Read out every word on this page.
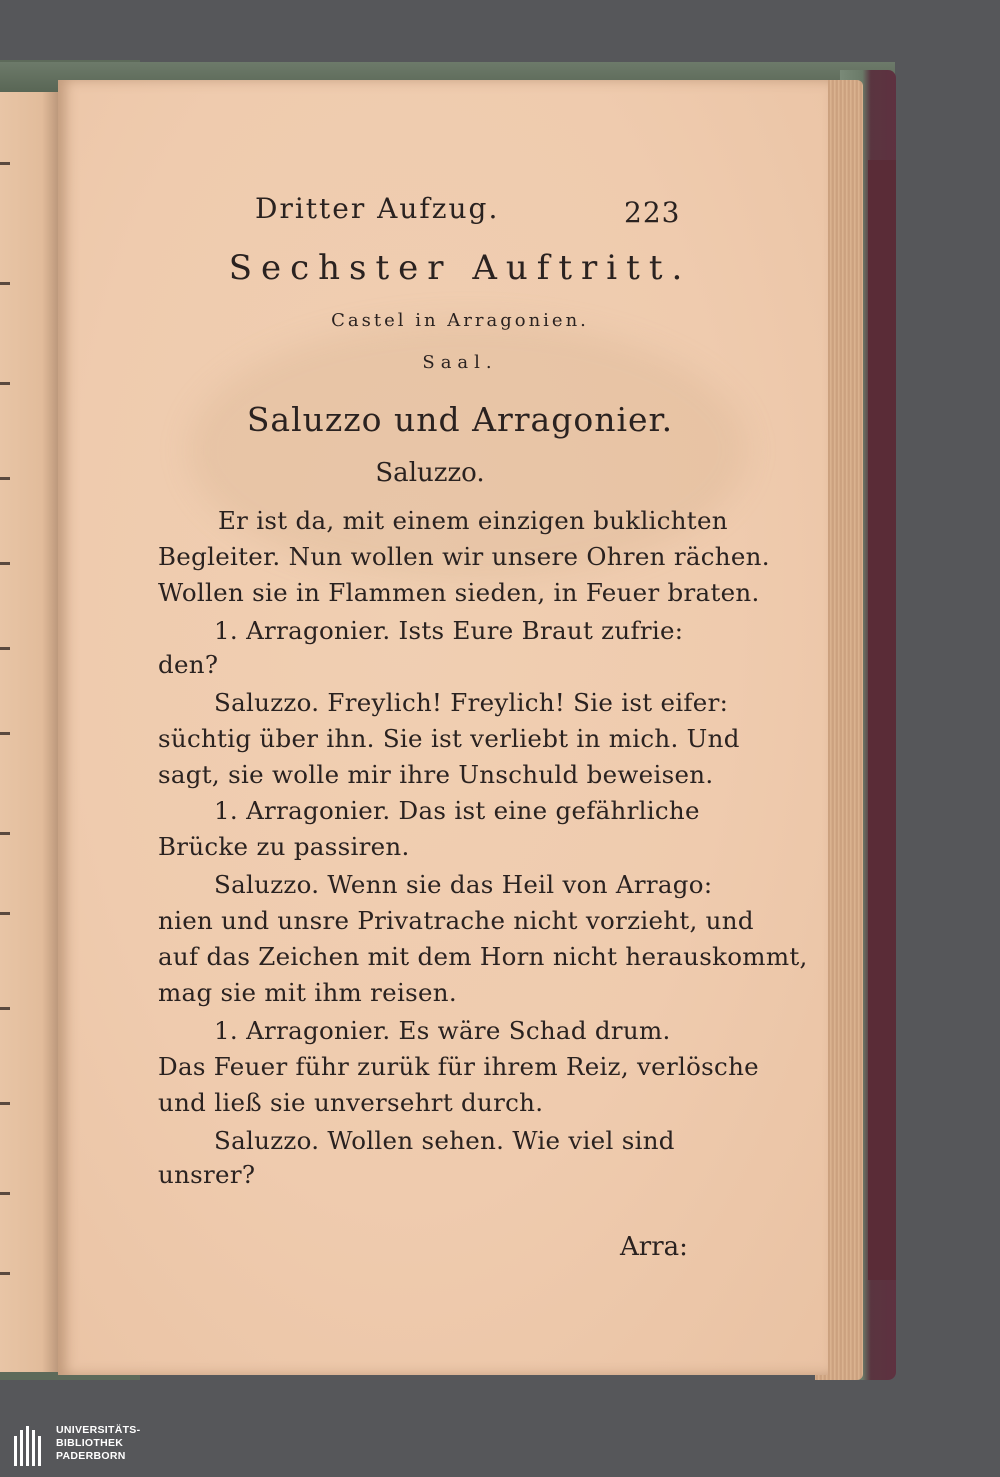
Dritter Aufzug.	223
Sechster Auftritt.
Castel in Arragonien.
Saal.
Saluzzo und Arragonier.
Saluzzo.
Er ist da, mit einem einzigen buklichten
Begleiter. Nun wollen wir unsere Ohren rächen.
Wollen sie in Flammen sieden, in Feuer braten.
1. Arragonier. Ists Eure Braut zufrie:
den?
Saluzzo. Freylich! Freylich! Sie ist eifer:
süchtig über ihn. Sie ist verliebt in mich. Und
sagt, sie wolle mir ihre Unschuld beweisen.
1. Arragonier. Das ist eine gefährliche
Brücke zu passiren.
Saluzzo. Wenn sie das Heil von Arrago:
nien und unsre Privatrache nicht vorzieht, und
auf das Zeichen mit dem Horn nicht herauskommt,
mag sie mit ihm reisen.
1. Arragonier. Es wäre Schad drum.
Das Feuer führ zurük für ihrem Reiz, verlösche
und ließ sie unversehrt durch.
Saluzzo. Wollen sehen. Wie viel sind
unsrer?
Arra:
UNIVERSITÄTS-
BIBLIOTHEK
PADERBORN
